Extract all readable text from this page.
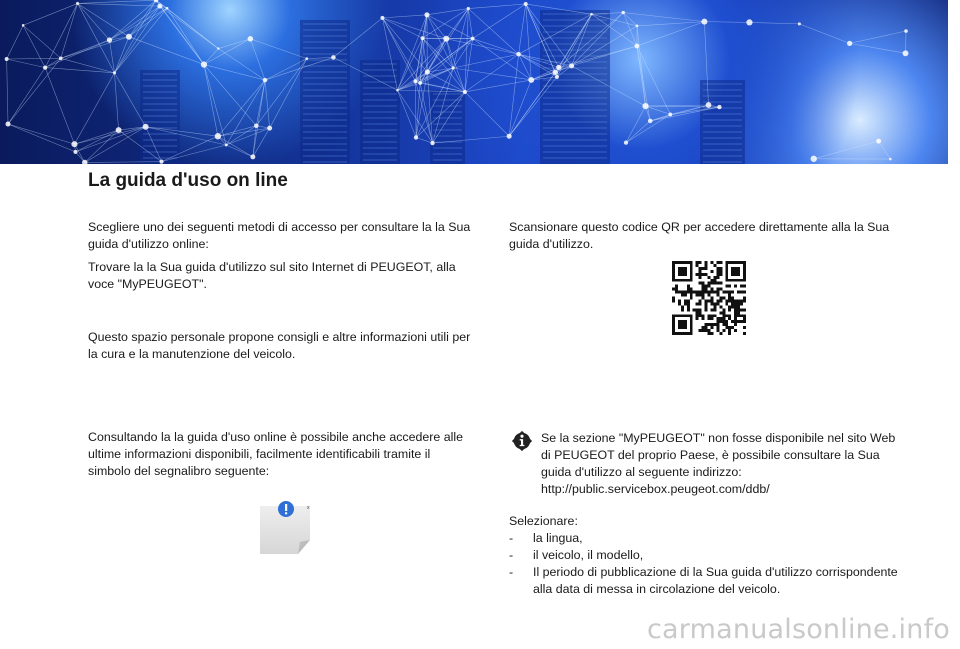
La guida d'uso on line

Scegliere uno dei seguenti metodi di accesso per consultare la la Sua guida d'utilizzo online:

Trovare la la Sua guida d'utilizzo sul sito Internet di PEUGEOT, alla voce "MyPEUGEOT".

Questo spazio personale propone consigli e altre informazioni utili per la cura e la manutenzione del veicolo.

Consultando la la guida d'uso online è possibile anche accedere alle ultime informazioni disponibili, facilmente identificabili tramite il simbolo del segnalibro seguente:

x

Scansionare questo codice QR per accedere direttamente alla la Sua guida d'utilizzo.

Se la sezione "MyPEUGEOT" non fosse disponibile nel sito Web di PEUGEOT del proprio Paese, è possibile consultare la Sua guida d'utilizzo al seguente indirizzo:
http://public.servicebox.peugeot.com/ddb/

Selezionare:

- la lingua,
- il veicolo, il modello,
- Il periodo di pubblicazione di la Sua guida d'utilizzo corrispondente alla data di messa in circolazione del veicolo.
carmanualsonline.info
